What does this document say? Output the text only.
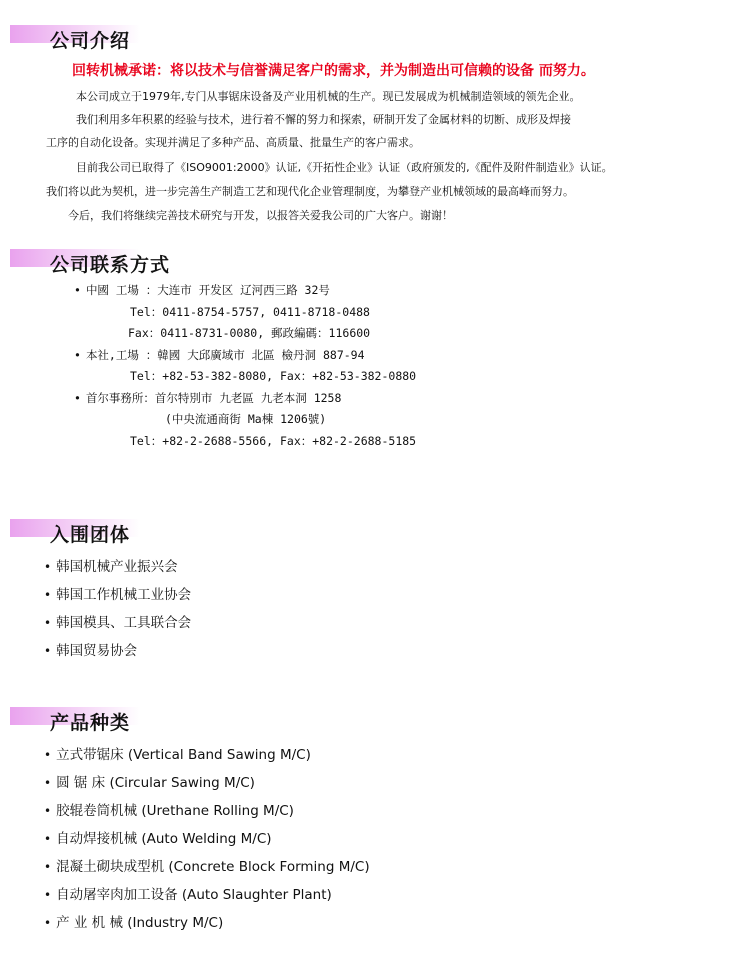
公司介绍
回转机械承诺：将以技术与信誉满足客户的需求，并为制造出可信赖的设备 而努力。
本公司成立于1979年,专门从事锯床设备及产业用机械的生产。现已发展成为机械制造领域的领先企业。
我们利用多年积累的经验与技术，进行着不懈的努力和探索，研制开发了金属材料的切断、成形及焊接
工序的自动化设备。实现并满足了多种产品、高质量、批量生产的客户需求。
目前我公司已取得了《ISO9001:2000》认证,《开拓性企业》认证（政府颁发的,《配件及附件制造业》认证。
我们将以此为契机，进一步完善生产制造工艺和现代化企业管理制度，为攀登产业机械领域的最高峰而努力。
今后，我们将继续完善技术研究与开发，以报答关爱我公司的广大客户。谢谢！
公司联系方式
• 中國 工場 ：大连市 开发区 辽河西三路 32号
Tel：0411-8754-5757, 0411-8718-0488
Fax：0411-8731-0080, 郵政編碼：116600
• 本社,工場 ：韓國 大邱廣域市 北區 檢丹洞 887-94
Tel：+82-53-382-8080, Fax：+82-53-382-0880
• 首尔事務所：首尔特別市 九老區 九老本洞 1258
(中央流通商街 Ma棟 1206號)
Tel：+82-2-2688-5566, Fax：+82-2-2688-5185
入围团体
• 韩国机械产业振兴会
• 韩国工作机械工业协会
• 韩国模具、工具联合会
• 韩国贸易协会
产品种类
• 立式带锯床 (Vertical Band Sawing M/C)
• 圆 锯 床 (Circular Sawing M/C)
• 胶辊卷筒机械 (Urethane Rolling M/C)
• 自动焊接机械 (Auto Welding M/C)
• 混凝土砌块成型机 (Concrete Block Forming M/C)
• 自动屠宰肉加工设备 (Auto Slaughter Plant)
• 产 业 机 械 (Industry M/C)
